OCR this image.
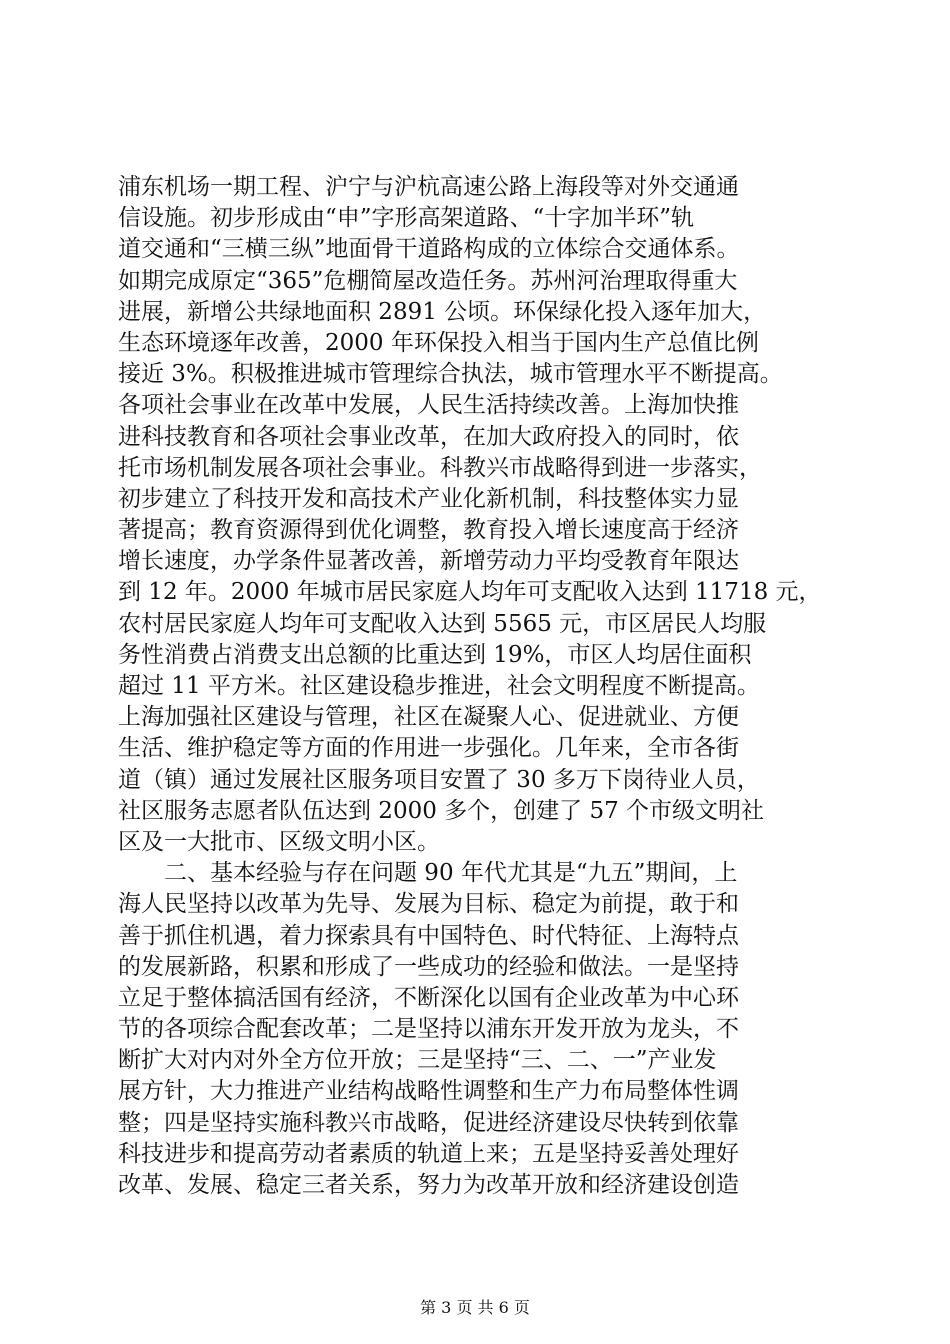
浦东机场一期工程、沪宁与沪杭高速公路上海段等对外交通通
信设施。初步形成由“申”字形高架道路、“十字加半环”轨
道交通和“三横三纵”地面骨干道路构成的立体综合交通体系。
如期完成原定“365”危棚简屋改造任务。苏州河治理取得重大
进展，新增公共绿地面积 2891 公顷。环保绿化投入逐年加大，
生态环境逐年改善，2000 年环保投入相当于国内生产总值比例
接近 3%。积极推进城市管理综合执法，城市管理水平不断提高。
各项社会事业在改革中发展，人民生活持续改善。上海加快推
进科技教育和各项社会事业改革，在加大政府投入的同时，依
托市场机制发展各项社会事业。科教兴市战略得到进一步落实，
初步建立了科技开发和高技术产业化新机制，科技整体实力显
著提高；教育资源得到优化调整，教育投入增长速度高于经济
增长速度，办学条件显著改善，新增劳动力平均受教育年限达
到 12 年。2000 年城市居民家庭人均年可支配收入达到 11718 元，
农村居民家庭人均年可支配收入达到 5565 元，市区居民人均服
务性消费占消费支出总额的比重达到 19%，市区人均居住面积
超过 11 平方米。社区建设稳步推进，社会文明程度不断提高。
上海加强社区建设与管理，社区在凝聚人心、促进就业、方便
生活、维护稳定等方面的作用进一步强化。几年来，全市各街
道（镇）通过发展社区服务项目安置了 30 多万下岗待业人员，
社区服务志愿者队伍达到 2000 多个，创建了 57 个市级文明社
区及一大批市、区级文明小区。
　　二、基本经验与存在问题 90 年代尤其是“九五”期间，上
海人民坚持以改革为先导、发展为目标、稳定为前提，敢于和
善于抓住机遇，着力探索具有中国特色、时代特征、上海特点
的发展新路，积累和形成了一些成功的经验和做法。一是坚持
立足于整体搞活国有经济，不断深化以国有企业改革为中心环
节的各项综合配套改革；二是坚持以浦东开发开放为龙头，不
断扩大对内对外全方位开放；三是坚持“三、二、一”产业发
展方针，大力推进产业结构战略性调整和生产力布局整体性调
整；四是坚持实施科教兴市战略，促进经济建设尽快转到依靠
科技进步和提高劳动者素质的轨道上来；五是坚持妥善处理好
改革、发展、稳定三者关系，努力为改革开放和经济建设创造
第 3 页 共 6 页
